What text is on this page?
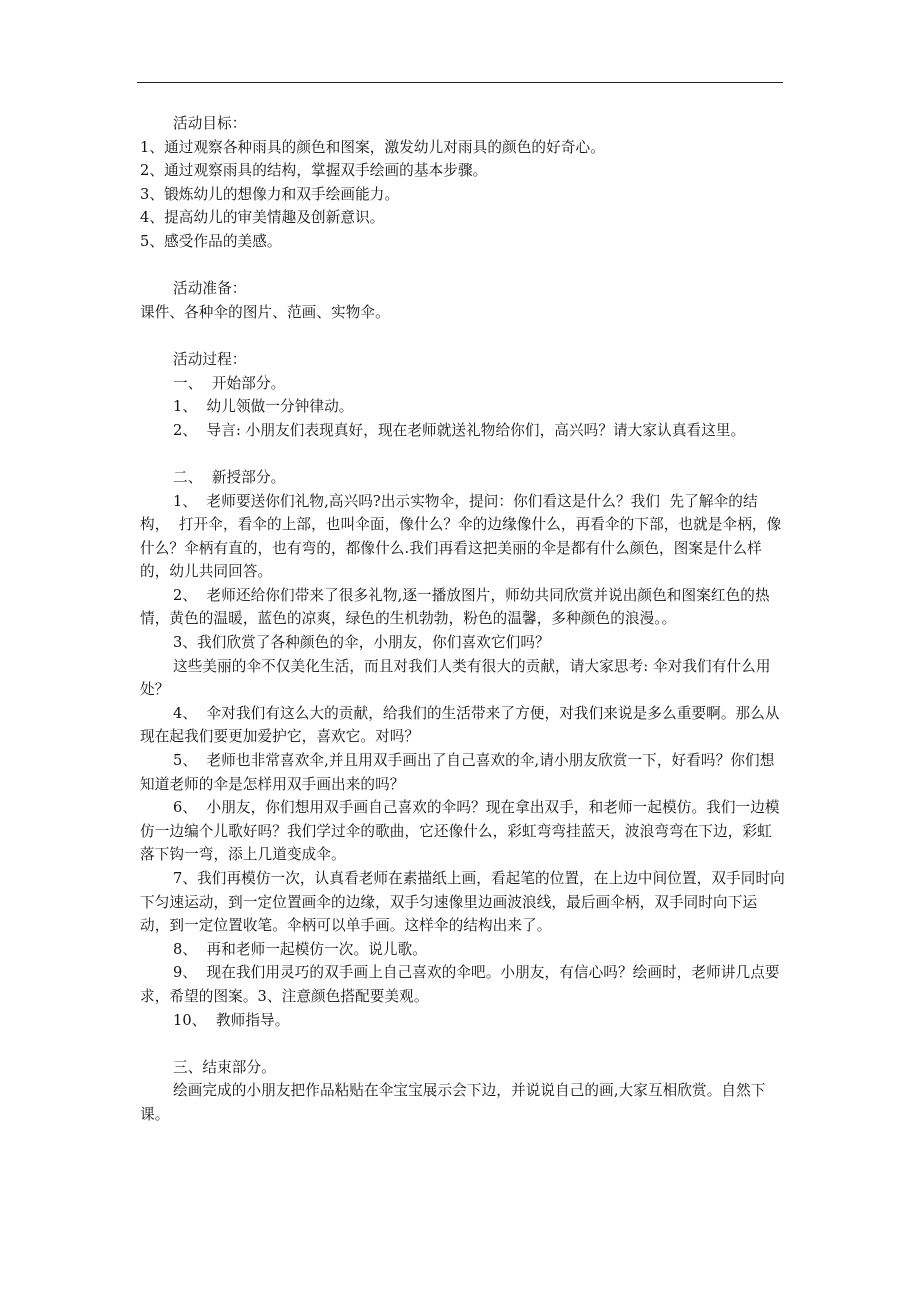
活动目标：

1、通过观察各种雨具的颜色和图案，激发幼儿对雨具的颜色的好奇心。

2、通过观察雨具的结构，掌握双手绘画的基本步骤。

3、锻炼幼儿的想像力和双手绘画能力。

4、提高幼儿的审美情趣及创新意识。

5、感受作品的美感。

活动准备：

课件、各种伞的图片、范画、实物伞。

活动过程：

一、  开始部分。

1、  幼儿领做一分钟律动。

2、  导言: 小朋友们表现真好，现在老师就送礼物给你们，高兴吗？请大家认真看这里。

二、  新授部分。

1、  老师要送你们礼物,高兴吗?出示实物伞，提问：你们看这是什么？我们  先了解伞的结构，  打开伞，看伞的上部，也叫伞面，像什么？伞的边缘像什么，再看伞的下部，也就是伞柄，像什么？伞柄有直的，也有弯的，都像什么.我们再看这把美丽的伞是都有什么颜色，图案是什么样的，幼儿共同回答。

2、  老师还给你们带来了很多礼物,逐一播放图片，师幼共同欣赏并说出颜色和图案红色的热情，黄色的温暖，蓝色的凉爽，绿色的生机勃勃，粉色的温馨，多种颜色的浪漫。。

3、我们欣赏了各种颜色的伞，小朋友，你们喜欢它们吗？

这些美丽的伞不仅美化生活，而且对我们人类有很大的贡献，请大家思考: 伞对我们有什么用处？

4、  伞对我们有这么大的贡献，给我们的生活带来了方便，对我们来说是多么重要啊。那么从现在起我们要更加爱护它，喜欢它。对吗？

5、  老师也非常喜欢伞,并且用双手画出了自己喜欢的伞,请小朋友欣赏一下，好看吗？你们想知道老师的伞是怎样用双手画出来的吗？

6、  小朋友，你们想用双手画自己喜欢的伞吗？现在拿出双手，和老师一起模仿。我们一边模仿一边编个儿歌好吗？我们学过伞的歌曲，它还像什么，彩虹弯弯挂蓝天，波浪弯弯在下边，彩虹落下钩一弯，添上几道变成伞。

7、我们再模仿一次，认真看老师在素描纸上画，看起笔的位置，在上边中间位置，双手同时向下匀速运动，到一定位置画伞的边缘，双手匀速像里边画波浪线，最后画伞柄，双手同时向下运动，到一定位置收笔。伞柄可以单手画。这样伞的结构出来了。

8、  再和老师一起模仿一次。说儿歌。

9、  现在我们用灵巧的双手画上自己喜欢的伞吧。小朋友，有信心吗？绘画时，老师讲几点要求，希望的图案。3、注意颜色搭配要美观。

10、  教师指导。

三、结束部分。

绘画完成的小朋友把作品粘贴在伞宝宝展示会下边，并说说自己的画,大家互相欣赏。自然下课。
